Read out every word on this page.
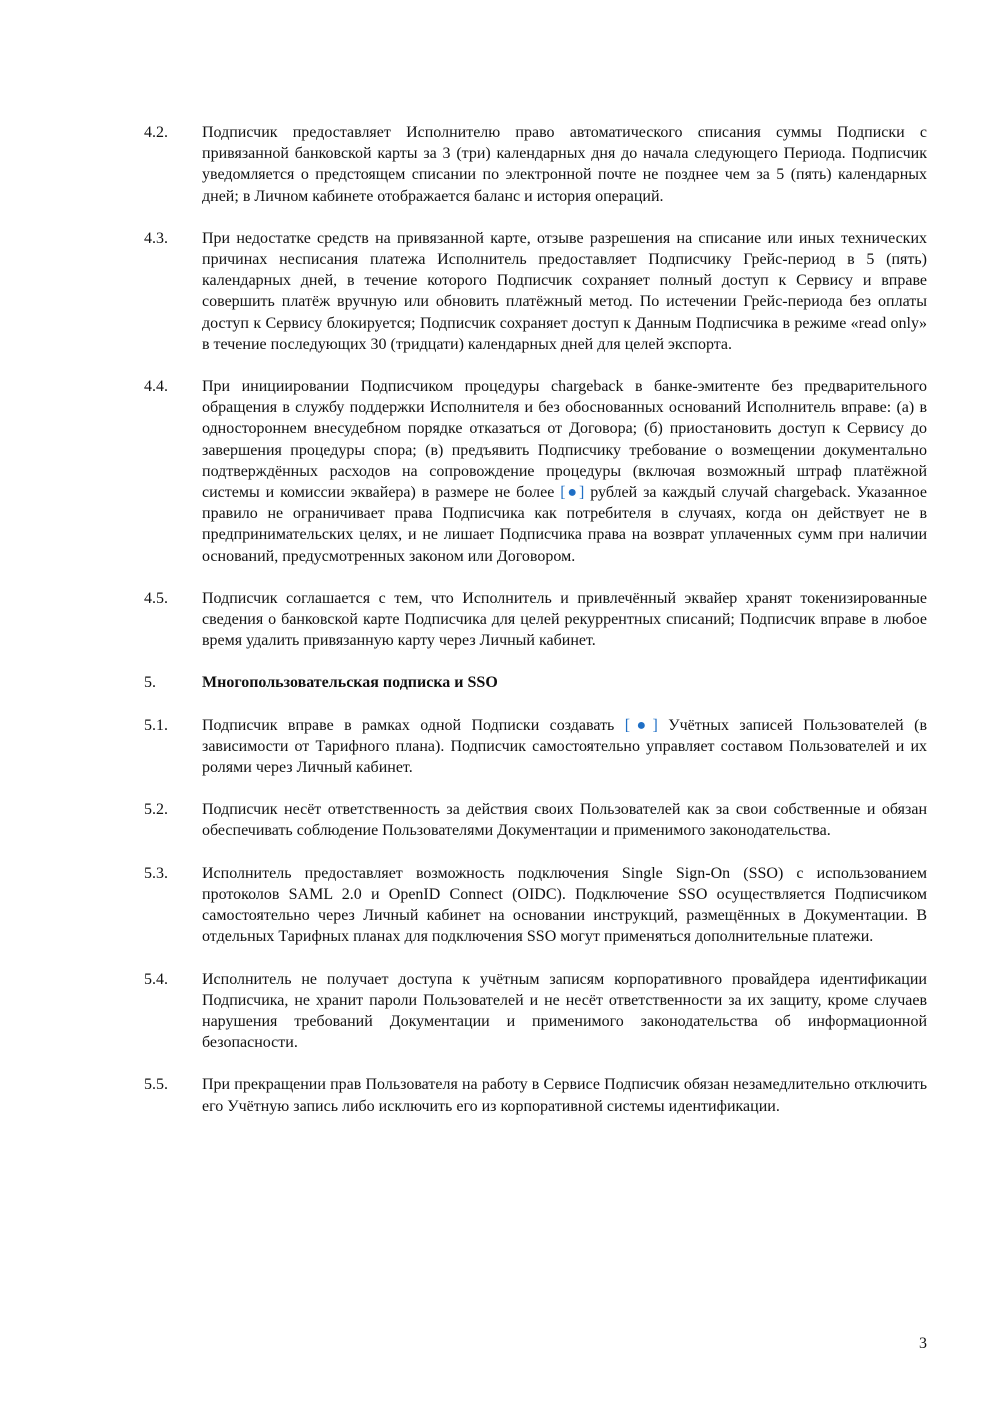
4.2.	Подписчик предоставляет Исполнителю право автоматического списания суммы Подписки с привязанной банковской карты за 3 (три) календарных дня до начала следующего Периода. Подписчик уведомляется о предстоящем списании по электронной почте не позднее чем за 5 (пять) календарных дней; в Личном кабинете отображается баланс и история операций.
4.3.	При недостатке средств на привязанной карте, отзыве разрешения на списание или иных технических причинах несписания платежа Исполнитель предоставляет Подписчику Грейс-период в 5 (пять) календарных дней, в течение которого Подписчик сохраняет полный доступ к Сервису и вправе совершить платёж вручную или обновить платёжный метод. По истечении Грейс-периода без оплаты доступ к Сервису блокируется; Подписчик сохраняет доступ к Данным Подписчика в режиме «read only» в течение последующих 30 (тридцати) календарных дней для целей экспорта.
4.4.	При инициировании Подписчиком процедуры chargeback в банке-эмитенте без предварительного обращения в службу поддержки Исполнителя и без обоснованных оснований Исполнитель вправе: (а) в одностороннем внесудебном порядке отказаться от Договора; (б) приостановить доступ к Сервису до завершения процедуры спора; (в) предъявить Подписчику требование о возмещении документально подтверждённых расходов на сопровождение процедуры (включая возможный штраф платёжной системы и комиссии эквайера) в размере не более [●] рублей за каждый случай chargeback. Указанное правило не ограничивает права Подписчика как потребителя в случаях, когда он действует не в предпринимательских целях, и не лишает Подписчика права на возврат уплаченных сумм при наличии оснований, предусмотренных законом или Договором.
4.5.	Подписчик соглашается с тем, что Исполнитель и привлечённый эквайер хранят токенизированные сведения о банковской карте Подписчика для целей рекуррентных списаний; Подписчик вправе в любое время удалить привязанную карту через Личный кабинет.
5.	Многопользовательская подписка и SSO
5.1.	Подписчик вправе в рамках одной Подписки создавать [●] Учётных записей Пользователей (в зависимости от Тарифного плана). Подписчик самостоятельно управляет составом Пользователей и их ролями через Личный кабинет.
5.2.	Подписчик несёт ответственность за действия своих Пользователей как за свои собственные и обязан обеспечивать соблюдение Пользователями Документации и применимого законодательства.
5.3.	Исполнитель предоставляет возможность подключения Single Sign-On (SSO) с использованием протоколов SAML 2.0 и OpenID Connect (OIDC). Подключение SSO осуществляется Подписчиком самостоятельно через Личный кабинет на основании инструкций, размещённых в Документации. В отдельных Тарифных планах для подключения SSO могут применяться дополнительные платежи.
5.4.	Исполнитель не получает доступа к учётным записям корпоративного провайдера идентификации Подписчика, не хранит пароли Пользователей и не несёт ответственности за их защиту, кроме случаев нарушения требований Документации и применимого законодательства об информационной безопасности.
5.5.	При прекращении прав Пользователя на работу в Сервисе Подписчик обязан незамедлительно отключить его Учётную запись либо исключить его из корпоративной системы идентификации.
3
